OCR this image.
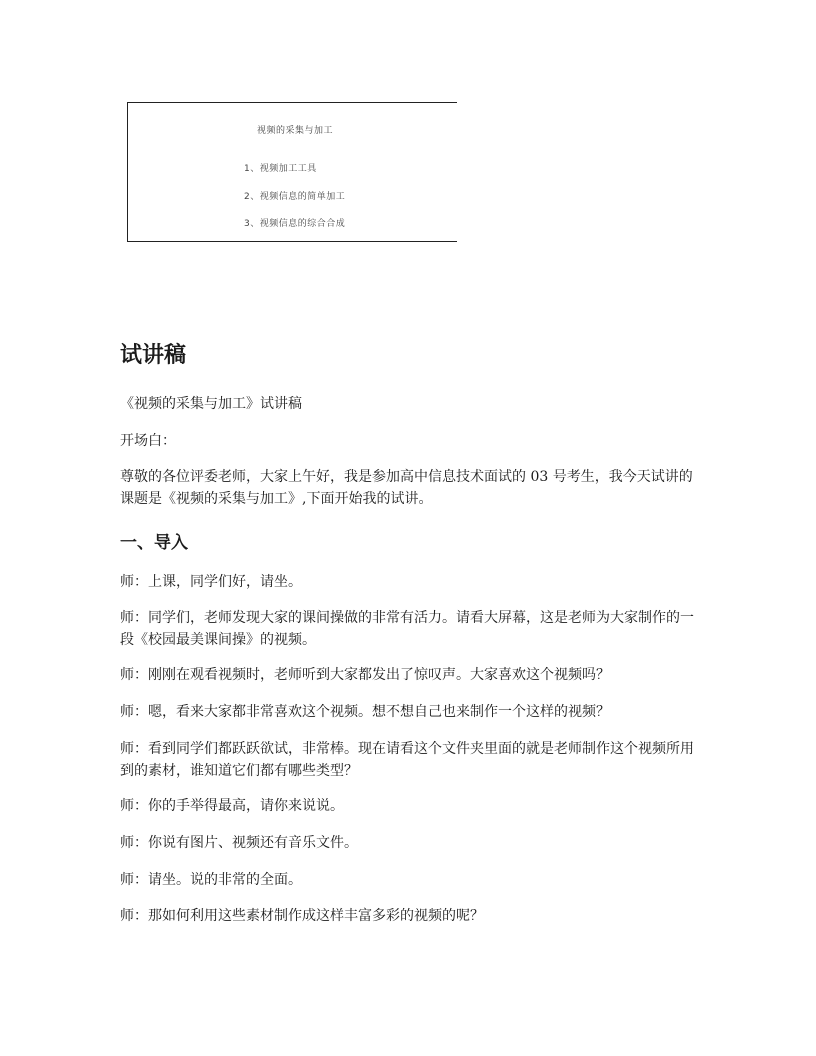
视频的采集与加工
1、视频加工工具
2、视频信息的简单加工
3、视频信息的综合合成
试讲稿

《视频的采集与加工》试讲稿

开场白：

尊敬的各位评委老师，大家上午好，我是参加高中信息技术面试的 03 号考生，我今天试讲的课题是《视频的采集与加工》,下面开始我的试讲。

一、导入

师：上课，同学们好，请坐。

师：同学们，老师发现大家的课间操做的非常有活力。请看大屏幕，这是老师为大家制作的一段《校园最美课间操》的视频。

师：刚刚在观看视频时，老师听到大家都发出了惊叹声。大家喜欢这个视频吗？

师：嗯，看来大家都非常喜欢这个视频。想不想自己也来制作一个这样的视频？

师：看到同学们都跃跃欲试，非常棒。现在请看这个文件夹里面的就是老师制作这个视频所用到的素材，谁知道它们都有哪些类型？

师：你的手举得最高，请你来说说。

师：你说有图片、视频还有音乐文件。

师：请坐。说的非常的全面。

师：那如何利用这些素材制作成这样丰富多彩的视频的呢？
